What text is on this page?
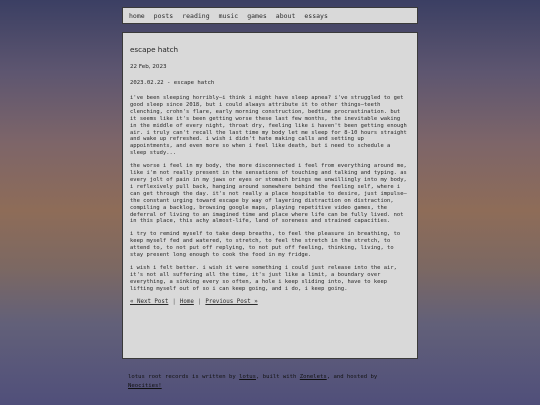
home posts reading music games about essays
escape hatch
22 Feb, 2023
2023.02.22 - escape hatch

i've been sleeping horribly—i think i might have sleep apnea? i've struggled to get good sleep since 2018, but i could always attribute it to other things—teeth clenching, crohn's flare, early morning construction, bedtime procrastination. but it seems like it's been getting worse these last few months, the inevitable waking in the middle of every night, throat dry, feeling like i haven't been getting enough air. i truly can't recall the last time my body let me sleep for 8-10 hours straight and wake up refreshed. i wish i didn't hate making calls and setting up appointments, and even more so when i feel like death, but i need to schedule a sleep study...

the worse i feel in my body, the more disconnected i feel from everything around me, like i'm not really present in the sensations of touching and talking and typing. as every jolt of pain in my jaws or eyes or stomach brings me unwillingly into my body, i reflexively pull back, hanging around somewhere behind the feeling self, where i can get through the day. it's not really a place hospitable to desire, just impulse—the constant urging toward escape by way of layering distraction on distraction, compiling a backlog, browsing google maps, playing repetitive video games, the deferral of living to an imagined time and place where life can be fully lived. not in this place, this achy almost-life, land of soreness and strained capacities.

i try to remind myself to take deep breaths, to feel the pleasure in breathing, to keep myself fed and watered, to stretch, to feel the stretch in the stretch, to attend to, to not put off replying, to not put off feeling, thinking, living, to stay present long enough to cook the food in my fridge.

i wish i felt better. i wish it were something i could just release into the air, it's not all suffering all the time, it's just like a limit, a boundary over everything, a sinking every so often, a hole i keep sliding into, have to keep lifting myself out of so i can keep going, and i do, i keep going.

« Next Post | Home | Previous Post »
lotus root records is written by lotus, built with Zonelets, and hosted by Neocities!
